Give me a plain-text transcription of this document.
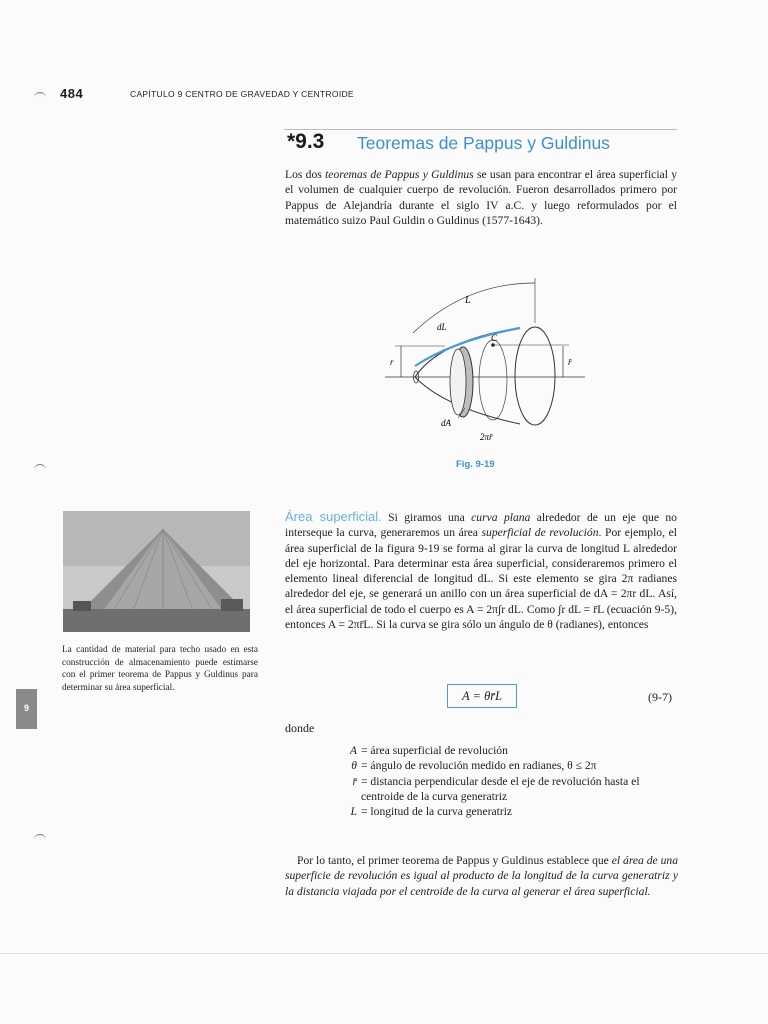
484	CAPÍTULO 9 CENTRO DE GRAVEDAD Y CENTROIDE
*9.3 Teoremas de Pappus y Guldinus
Los dos teoremas de Pappus y Guldinus se usan para encontrar el área superficial y el volumen de cualquier cuerpo de revolución. Fueron desarrollados primero por Pappus de Alejandría durante el siglo IV a.C. y luego reformulados por el matemático suizo Paul Guldin o Guldinus (1577-1643).
L
dL
C
r	r̄
dA
2πr̄
Fig. 9-19
La cantidad de material para techo usado en esta construcción de almacenamiento puede estimarse con el primer teorema de Pappus y Guldinus para determinar su área superficial.
9
Área superficial. Si giramos una curva plana alrededor de un eje que no interseque la curva, generaremos un área superficial de revolución. Por ejemplo, el área superficial de la figura 9-19 se forma al girar la curva de longitud L alrededor del eje horizontal. Para determinar esta área superficial, consideraremos primero el elemento lineal diferencial de longitud dL. Si este elemento se gira 2π radianes alrededor del eje, se generará un anillo con un área superficial de dA = 2πr dL. Así, el área superficial de todo el cuerpo es A = 2π∫r dL. Como ∫r dL = r̄L (ecuación 9-5), entonces A = 2πr̄L. Si la curva se gira sólo un ángulo de θ (radianes), entonces
A = θr̄L	(9-7)
donde
A = área superficial de revolución
θ = ángulo de revolución medido en radianes, θ ≤ 2π
r̄ = distancia perpendicular desde el eje de revolución hasta el centroide de la curva generatriz
L = longitud de la curva generatriz
Por lo tanto, el primer teorema de Pappus y Guldinus establece que el área de una superficie de revolución es igual al producto de la longitud de la curva generatriz y la distancia viajada por el centroide de la curva al generar el área superficial.
